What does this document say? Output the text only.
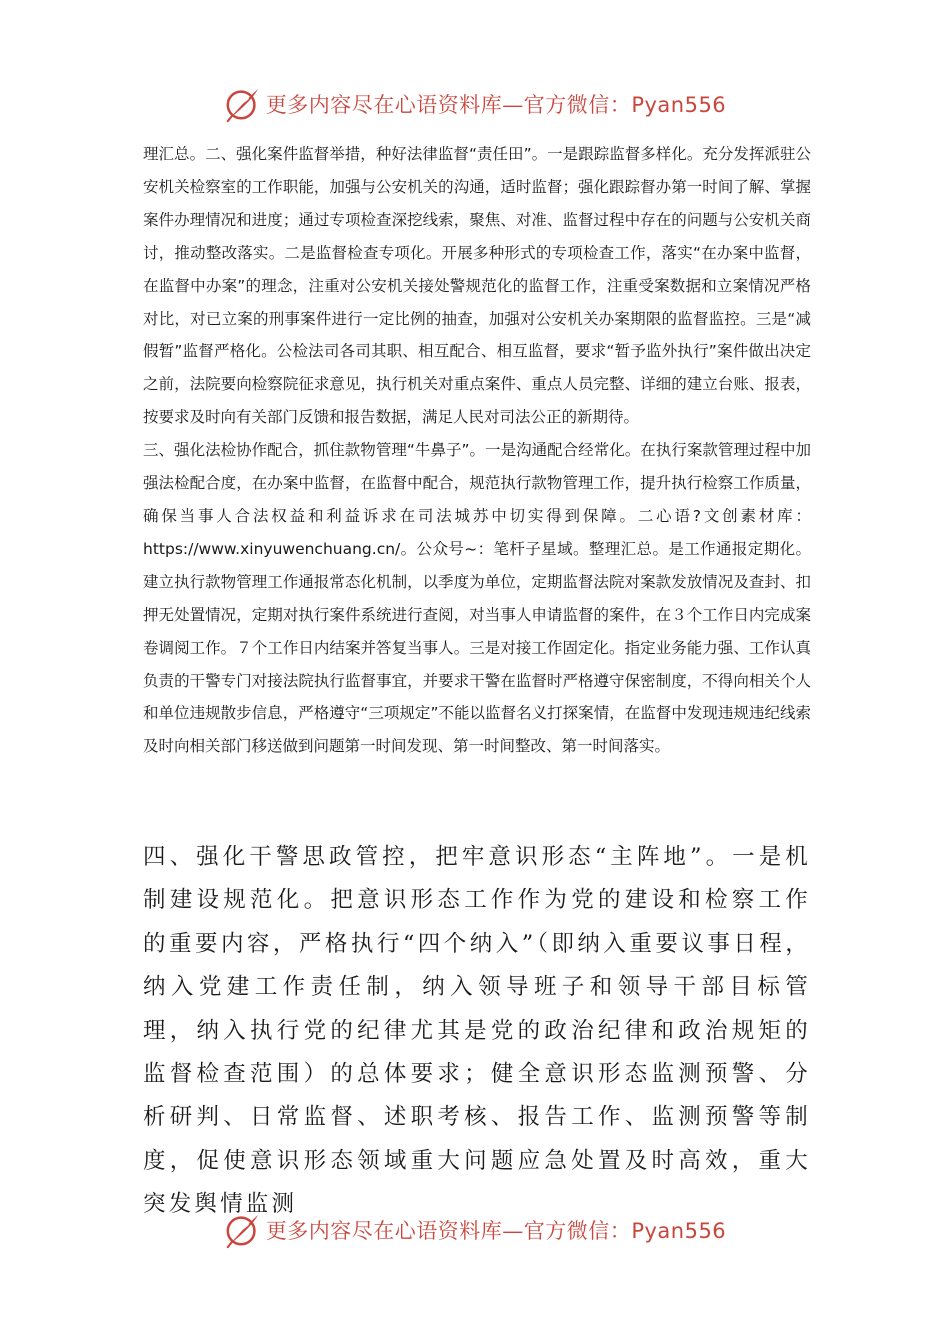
更多内容尽在心语资料库—官方微信：Pyan556
理汇总。二、强化案件监督举措，种好法律监督“责任田”。一是跟踪监督多样化。充分发挥派驻公安机关检察室的工作职能，加强与公安机关的沟通，适时监督；强化跟踪督办第一时间了解、掌握案件办理情况和进度；通过专项检查深挖线索，聚焦、对准、监督过程中存在的问题与公安机关商讨，推动整改落实。二是监督检查专项化。开展多种形式的专项检查工作，落实“在办案中监督，在监督中办案”的理念，注重对公安机关接处警规范化的监督工作，注重受案数据和立案情况严格对比，对已立案的刑事案件进行一定比例的抽查，加强对公安机关办案期限的监督监控。三是“减假暂”监督严格化。公检法司各司其职、相互配合、相互监督，要求“暂予监外执行”案件做出决定之前，法院要向检察院征求意见，执行机关对重点案件、重点人员完整、详细的建立台账、报表，按要求及时向有关部门反馈和报告数据，满足人民对司法公正的新期待。
三、强化法检协作配合，抓住款物管理“牛鼻子”。一是沟通配合经常化。在执行案款管理过程中加强法检配合度，在办案中监督，在监督中配合，规范执行款物管理工作，提升执行检察工作质量，确保当事人合法权益和利益诉求在司法城苏中切实得到保障。二心语?文创素材库：https://www.xinyuwenchuang.cn/。公众号~：笔杆子星域。整理汇总。是工作通报定期化。建立执行款物管理工作通报常态化机制，以季度为单位，定期监督法院对案款发放情况及查封、扣押无处置情况，定期对执行案件系统进行查阅，对当事人申请监督的案件，在３个工作日内完成案卷调阅工作。７个工作日内结案并答复当事人。三是对接工作固定化。指定业务能力强、工作认真负责的干警专门对接法院执行监督事宜，并要求干警在监督时严格遵守保密制度，不得向相关个人和单位违规散步信息，严格遵守“三项规定”不能以监督名义打探案情，在监督中发现违规违纪线索及时向相关部门移送做到问题第一时间发现、第一时间整改、第一时间落实。
四、强化干警思政管控，把牢意识形态“主阵地”。一是机制建设规范化。把意识形态工作作为党的建设和检察工作的重要内容，严格执行“四个纳入”（即纳入重要议事日程，纳入党建工作责任制，纳入领导班子和领导干部目标管理，纳入执行党的纪律尤其是党的政治纪律和政治规矩的监督检查范围）的总体要求；健全意识形态监测预警、分析研判、日常监督、述职考核、报告工作、监测预警等制度，促使意识形态领域重大问题应急处置及时高效，重大突发舆情监测
更多内容尽在心语资料库—官方微信：Pyan556
